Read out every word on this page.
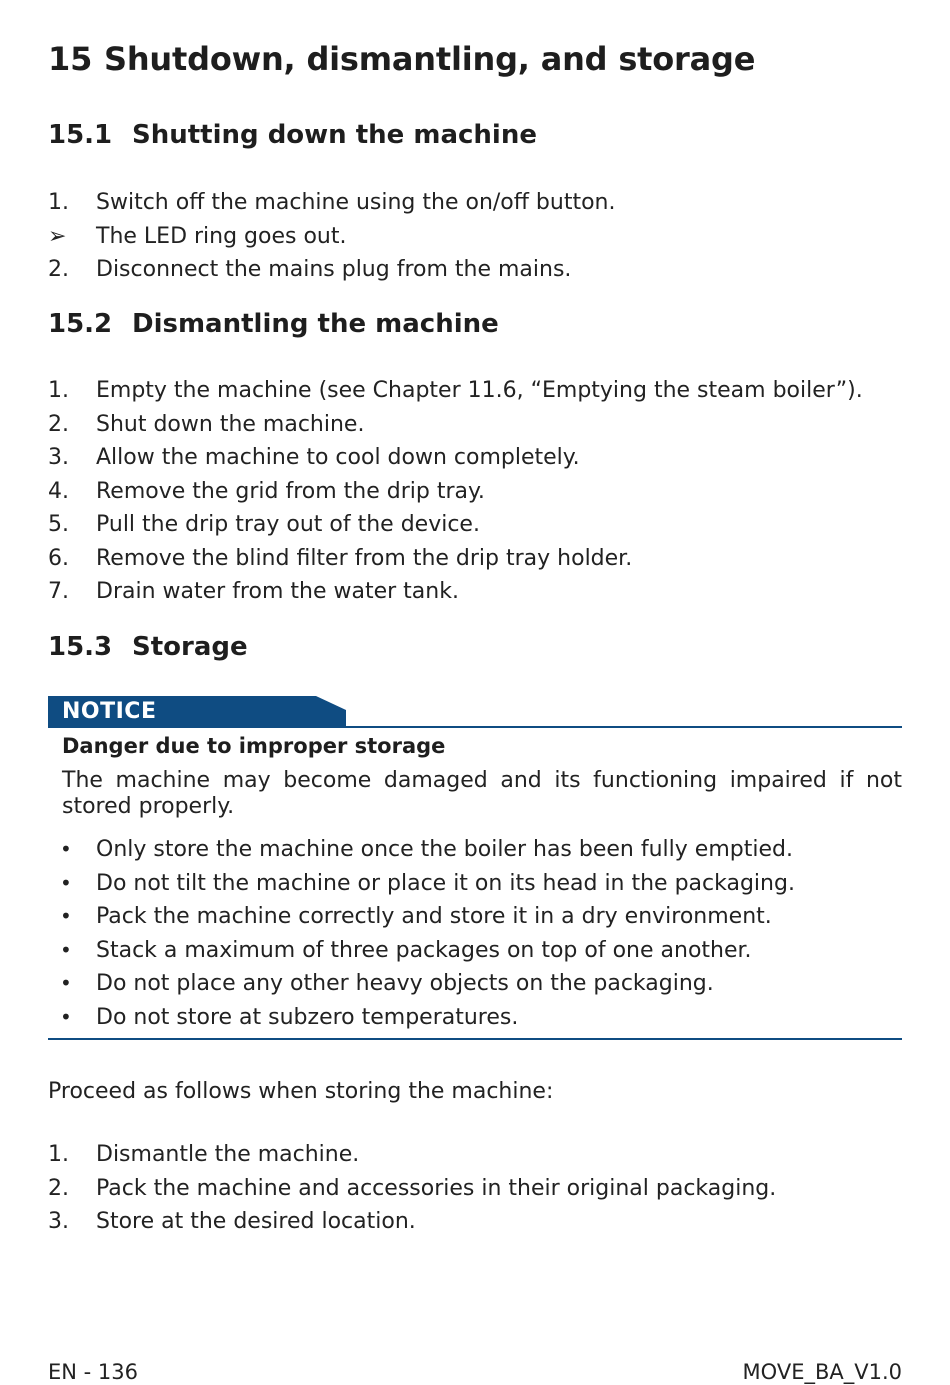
15 Shutdown, dismantling, and storage
15.1 Shutting down the machine
1. Switch off the machine using the on/off button.
➢ The LED ring goes out.
2. Disconnect the mains plug from the mains.
15.2 Dismantling the machine
1. Empty the machine (see Chapter 11.6, “Emptying the steam boiler”).
2. Shut down the machine.
3. Allow the machine to cool down completely.
4. Remove the grid from the drip tray.
5. Pull the drip tray out of the device.
6. Remove the blind filter from the drip tray holder.
7. Drain water from the water tank.
15.3 Storage
NOTICE
Danger due to improper storage
The machine may become damaged and its functioning impaired if not stored properly.
• Only store the machine once the boiler has been fully emptied.
• Do not tilt the machine or place it on its head in the packaging.
• Pack the machine correctly and store it in a dry environment.
• Stack a maximum of three packages on top of one another.
• Do not place any other heavy objects on the packaging.
• Do not store at subzero temperatures.
Proceed as follows when storing the machine:
1. Dismantle the machine.
2. Pack the machine and accessories in their original packaging.
3. Store at the desired location.
EN - 136	MOVE_BA_V1.0
